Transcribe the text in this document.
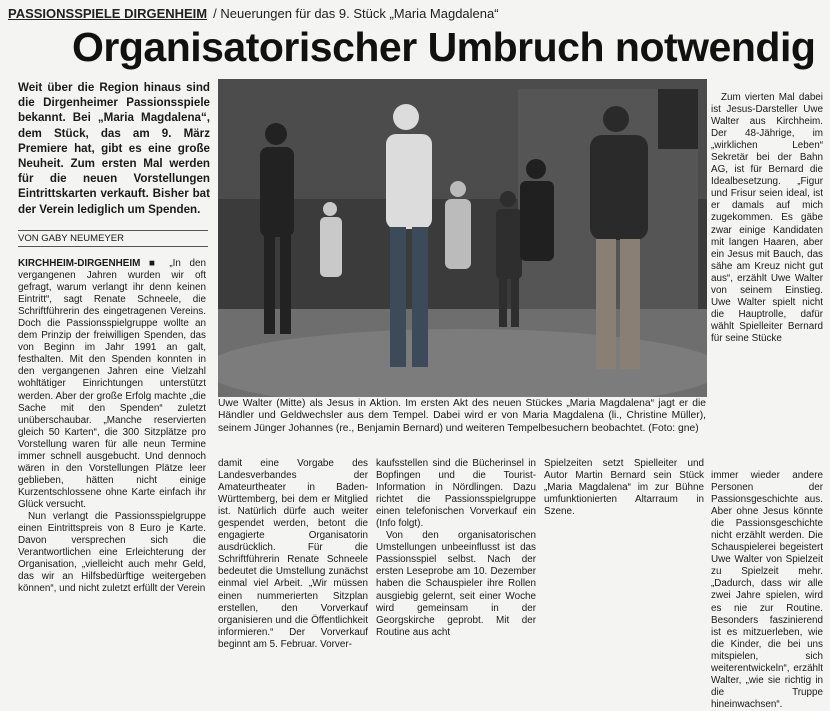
PASSIONSSPIELE DIRGENHEIM / Neuerungen für das 9. Stück „Maria Magdalena“
Organisatorischer Umbruch notwendig
Weit über die Region hinaus sind die Dirgenheimer Passionsspiele bekannt. Bei „Maria Magdalena“, dem Stück, das am 9. März Premiere hat, gibt es eine große Neuheit. Zum ersten Mal werden für die neuen Vorstellungen Eintrittskarten verkauft. Bisher bat der Verein lediglich um Spenden.
VON GABY NEUMEYER

KIRCHHEIM-DIRGENHEIM ■ „In den vergangenen Jahren wurden wir oft gefragt, warum verlangt ihr denn keinen Eintritt“, sagt Renate Schneele, die Schriftführerin des eingetragenen Vereins. Doch die Passionsspielgruppe wollte an dem Prinzip der freiwilligen Spenden, das von Beginn im Jahr 1991 an galt, festhalten. Mit den Spenden konnten in den vergangenen Jahren eine Vielzahl wohltätiger Einrichtungen unterstützt werden. Aber der große Erfolg machte „die Sache mit den Spenden“ zuletzt unüberschaubar. „Manche reservierten gleich 50 Karten“, die 300 Sitzplätze pro Vorstellung waren für alle neun Termine immer schnell ausgebucht. Und dennoch wären in den Vorstellungen Plätze leer geblieben, hätten nicht einige Kurzentschlossene ohne Karte einfach ihr Glück versucht.

Nun verlangt die Passionsspielgruppe einen Eintrittspreis von 8 Euro je Karte. Davon versprechen sich die Verantwortlichen eine Erleichterung der Organisation, „vielleicht auch mehr Geld, das wir an Hilfsbedürftige weitergeben können“, und nicht zuletzt erfüllt der Verein

Uwe Walter (Mitte) als Jesus in Aktion. Im ersten Akt des neuen Stückes „Maria Magdalena“ jagt er die Händler und Geldwechsler aus dem Tempel. Dabei wird er von Maria Magdalena (li., Christine Müller), seinem Jünger Johannes (re., Benjamin Bernard) und weiteren Tempelbesuchern beobachtet. (Foto: gne)
damit eine Vorgabe des Landesverbandes der Amateurtheater in Baden-Württemberg, bei dem er Mitglied ist. Natürlich dürfe auch weiter gespendet werden, betont die engagierte Organisatorin ausdrücklich. Für die Schriftführerin Renate Schneele bedeutet die Umstellung zunächst einmal viel Arbeit. „Wir müssen einen nummerierten Sitzplan erstellen, den Vorverkauf organisieren und die Öffentlichkeit informieren.“ Der Vorverkauf beginnt am 5. Februar. Vorver-

kaufsstellen sind die Bücherinsel in Bopfingen und die Tourist-Information in Nördlingen. Dazu richtet die Passionsspielgruppe einen telefonischen Vorverkauf ein (Info folgt).

Von den organisatorischen Umstellungen unbeeinflusst ist das Passionsspiel selbst. Nach der ersten Leseprobe am 10. Dezember haben die Schauspieler ihre Rollen ausgiebig gelernt, seit einer Woche wird gemeinsam in der Georgskirche geprobt. Mit der Routine aus acht

Spielzeiten setzt Spielleiter und Autor Martin Bernard sein Stück „Maria Magdalena“ im zur Bühne umfunktionierten Altarraum in Szene.

Zum vierten Mal dabei ist Jesus-Darsteller Uwe Walter aus Kirchheim. Der 48-Jährige, im „wirklichen Leben“ Sekretär bei der Bahn AG, ist für Bernard die Idealbesetzung. „Figur und Frisur seien ideal, ist er damals auf mich zugekommen. Es gäbe zwar einige Kandidaten mit langen Haaren, aber ein Jesus mit Bauch, das sähe am Kreuz nicht gut aus“, erzählt Uwe Walter von seinem Einstieg. Uwe Walter spielt nicht die Hauptrolle, dafür wählt Spielleiter Bernard für seine Stücke

immer wieder andere Personen der Passionsgeschichte aus. Aber ohne Jesus könnte die Passionsgeschichte nicht erzählt werden. Die Schauspielerei begeistert Uwe Walter von Spielzeit zu Spielzeit mehr. „Dadurch, dass wir alle zwei Jahre spielen, wird es nie zur Routine. Besonders faszinierend ist es mitzuerleben, wie die Kinder, die bei uns mitspielen, sich weiterentwickeln“, erzählt Walter, „wie sie richtig in die Truppe hineinwachsen“.
